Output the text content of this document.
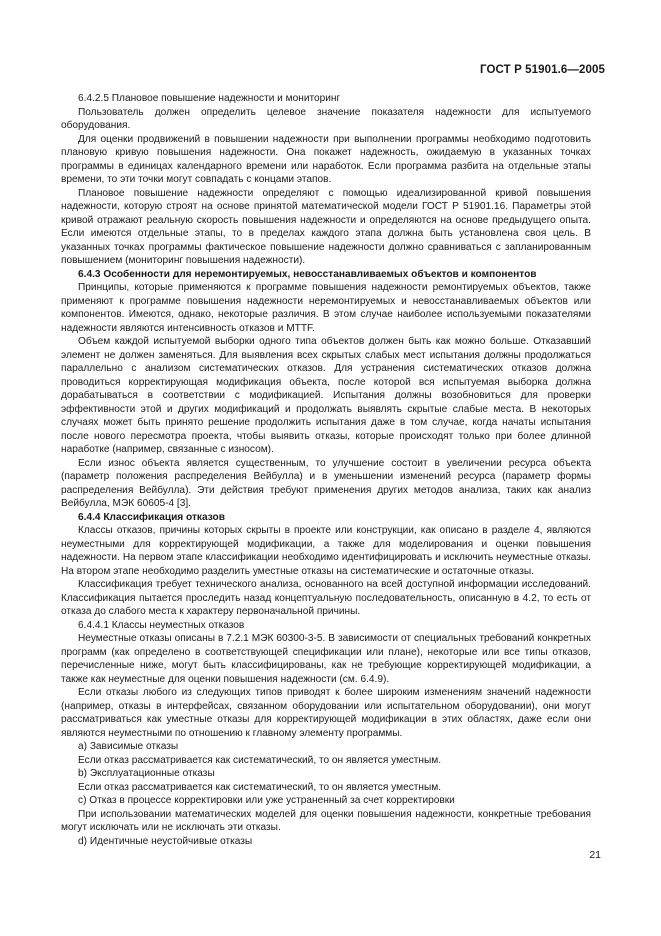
ГОСТ Р 51901.6—2005

6.4.2.5 Плановое повышение надежности и мониторинг

Пользователь должен определить целевое значение показателя надежности для испытуемого оборудования.

Для оценки продвижений в повышении надежности при выполнении программы необходимо подготовить плановую кривую повышения надежности. Она покажет надежность, ожидаемую в указанных точках программы в единицах календарного времени или наработок. Если программа разбита на отдельные этапы времени, то эти точки могут совпадать с концами этапов.

Плановое повышение надежности определяют с помощью идеализированной кривой повышения надежности, которую строят на основе принятой математической модели ГОСТ Р 51901.16. Параметры этой кривой отражают реальную скорость повышения надежности и определяются на основе предыдущего опыта. Если имеются отдельные этапы, то в пределах каждого этапа должна быть установлена своя цель. В указанных точках программы фактическое повышение надежности должно сравниваться с запланированным повышением (мониторинг повышения надежности).

6.4.3 Особенности для неремонтируемых, невосстанавливаемых объектов и компонентов

Принципы, которые применяются к программе повышения надежности ремонтируемых объектов, также применяют к программе повышения надежности неремонтируемых и невосстанавливаемых объектов или компонентов. Имеются, однако, некоторые различия. В этом случае наиболее используемыми показателями надежности являются интенсивность отказов и MTTF.

Объем каждой испытуемой выборки одного типа объектов должен быть как можно больше. Отказавший элемент не должен заменяться. Для выявления всех скрытых слабых мест испытания должны продолжаться параллельно с анализом систематических отказов. Для устранения систематических отказов должна проводиться корректирующая модификация объекта, после которой вся испытуемая выборка должна дорабатываться в соответствии с модификацией. Испытания должны возобновиться для проверки эффективности этой и других модификаций и продолжать выявлять скрытые слабые места. В некоторых случаях может быть принято решение продолжить испытания даже в том случае, когда начаты испытания после нового пересмотра проекта, чтобы выявить отказы, которые происходят только при более длинной наработке (например, связанные с износом).

Если износ объекта является существенным, то улучшение состоит в увеличении ресурса объекта (параметр положения распределения Вейбулла) и в уменьшении изменений ресурса (параметр формы распределения Вейбулла). Эти действия требуют применения других методов анализа, таких как анализ Вейбулла, МЭК 60605-4 [3].

6.4.4 Классификация отказов

Классы отказов, причины которых скрыты в проекте или конструкции, как описано в разделе 4, являются неуместными для корректирующей модификации, а также для моделирования и оценки повышения надежности. На первом этапе классификации необходимо идентифицировать и исключить неуместные отказы. На втором этапе необходимо разделить уместные отказы на систематические и остаточные отказы.

Классификация требует технического анализа, основанного на всей доступной информации исследований. Классификация пытается проследить назад концептуальную последовательность, описанную в 4.2, то есть от отказа до слабого места к характеру первоначальной причины.

6.4.4.1 Классы неуместных отказов

Неуместные отказы описаны в 7.2.1 МЭК 60300-3-5. В зависимости от специальных требований конкретных программ (как определено в соответствующей спецификации или плане), некоторые или все типы отказов, перечисленные ниже, могут быть классифицированы, как не требующие корректирующей модификации, а также как неуместные для оценки повышения надежности (см. 6.4.9).

Если отказы любого из следующих типов приводят к более широким изменениям значений надежности (например, отказы в интерфейсах, связанном оборудовании или испытательном оборудовании), они могут рассматриваться как уместные отказы для корректирующей модификации в этих областях, даже если они являются неуместными по отношению к главному элементу программы.

a) Зависимые отказы

Если отказ рассматривается как систематический, то он является уместным.

b) Эксплуатационные отказы

Если отказ рассматривается как систематический, то он является уместным.

c) Отказ в процессе корректировки или уже устраненный за счет корректировки

При использовании математических моделей для оценки повышения надежности, конкретные требования могут исключать или не исключать эти отказы.

d) Идентичные неустойчивые отказы

21
